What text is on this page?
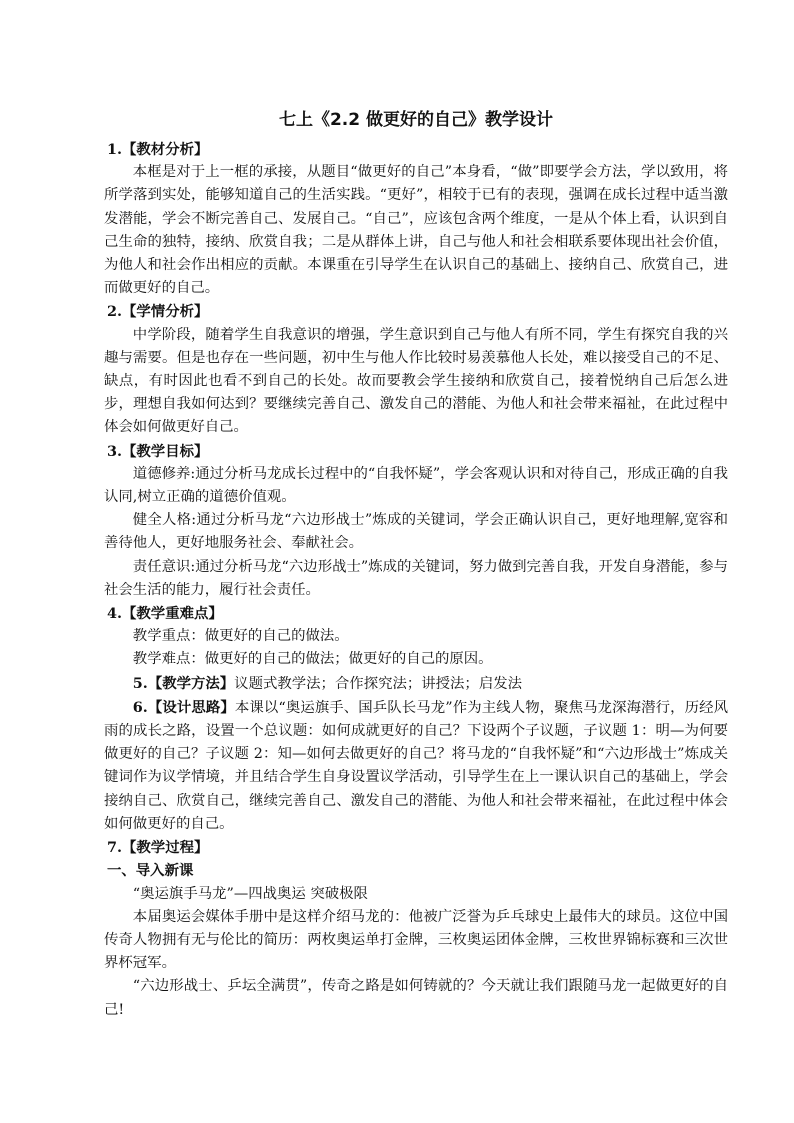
七上《2.2 做更好的自己》教学设计

1.【教材分析】

本框是对于上一框的承接，从题目“做更好的自己”本身看，“做”即要学会方法，学以致用，将所学落到实处，能够知道自己的生活实践。“更好”，相较于已有的表现，强调在成长过程中适当激发潜能，学会不断完善自己、发展自己。“自己”，应该包含两个维度，一是从个体上看，认识到自己生命的独特，接纳、欣赏自我；二是从群体上讲，自己与他人和社会相联系要体现出社会价值，为他人和社会作出相应的贡献。本课重在引导学生在认识自己的基础上、接纳自己、欣赏自己，进而做更好的自己。

2.【学情分析】

中学阶段，随着学生自我意识的增强，学生意识到自己与他人有所不同，学生有探究自我的兴趣与需要。但是也存在一些问题，初中生与他人作比较时易羡慕他人长处，难以接受自己的不足、缺点，有时因此也看不到自己的长处。故而要教会学生接纳和欣赏自己，接着悦纳自己后怎么进步，理想自我如何达到？要继续完善自己、激发自己的潜能、为他人和社会带来福祉，在此过程中体会如何做更好自己。

3.【教学目标】

道德修养:通过分析马龙成长过程中的“自我怀疑”，学会客观认识和对待自己，形成正确的自我认同,树立正确的道德价值观。

健全人格:通过分析马龙“六边形战士”炼成的关键词，学会正确认识自己，更好地理解,宽容和善待他人，更好地服务社会、奉献社会。

责任意识:通过分析马龙“六边形战士”炼成的关键词，努力做到完善自我，开发自身潜能，参与社会生活的能力，履行社会责任。

4.【教学重难点】

教学重点：做更好的自己的做法。

教学难点：做更好的自己的做法；做更好的自己的原因。

5.【教学方法】议题式教学法；合作探究法；讲授法；启发法

6.【设计思路】本课以“奥运旗手、国乒队长马龙”作为主线人物，聚焦马龙深海潜行，历经风雨的成长之路，设置一个总议题：如何成就更好的自己？下设两个子议题，子议题 1：明—为何要做更好的自己？子议题 2：知—如何去做更好的自己？将马龙的“自我怀疑”和“六边形战士”炼成关键词作为议学情境，并且结合学生自身设置议学活动，引导学生在上一课认识自己的基础上，学会接纳自己、欣赏自己，继续完善自己、激发自己的潜能、为他人和社会带来福祉，在此过程中体会如何做更好的自己。

7.【教学过程】

一、导入新课

“奥运旗手马龙”—四战奥运 突破极限

本届奥运会媒体手册中是这样介绍马龙的：他被广泛誉为乒乓球史上最伟大的球员。这位中国传奇人物拥有无与伦比的简历：两枚奥运单打金牌，三枚奥运团体金牌，三枚世界锦标赛和三次世界杯冠军。

“六边形战士、乒坛全满贯”，传奇之路是如何铸就的？今天就让我们跟随马龙一起做更好的自己!
